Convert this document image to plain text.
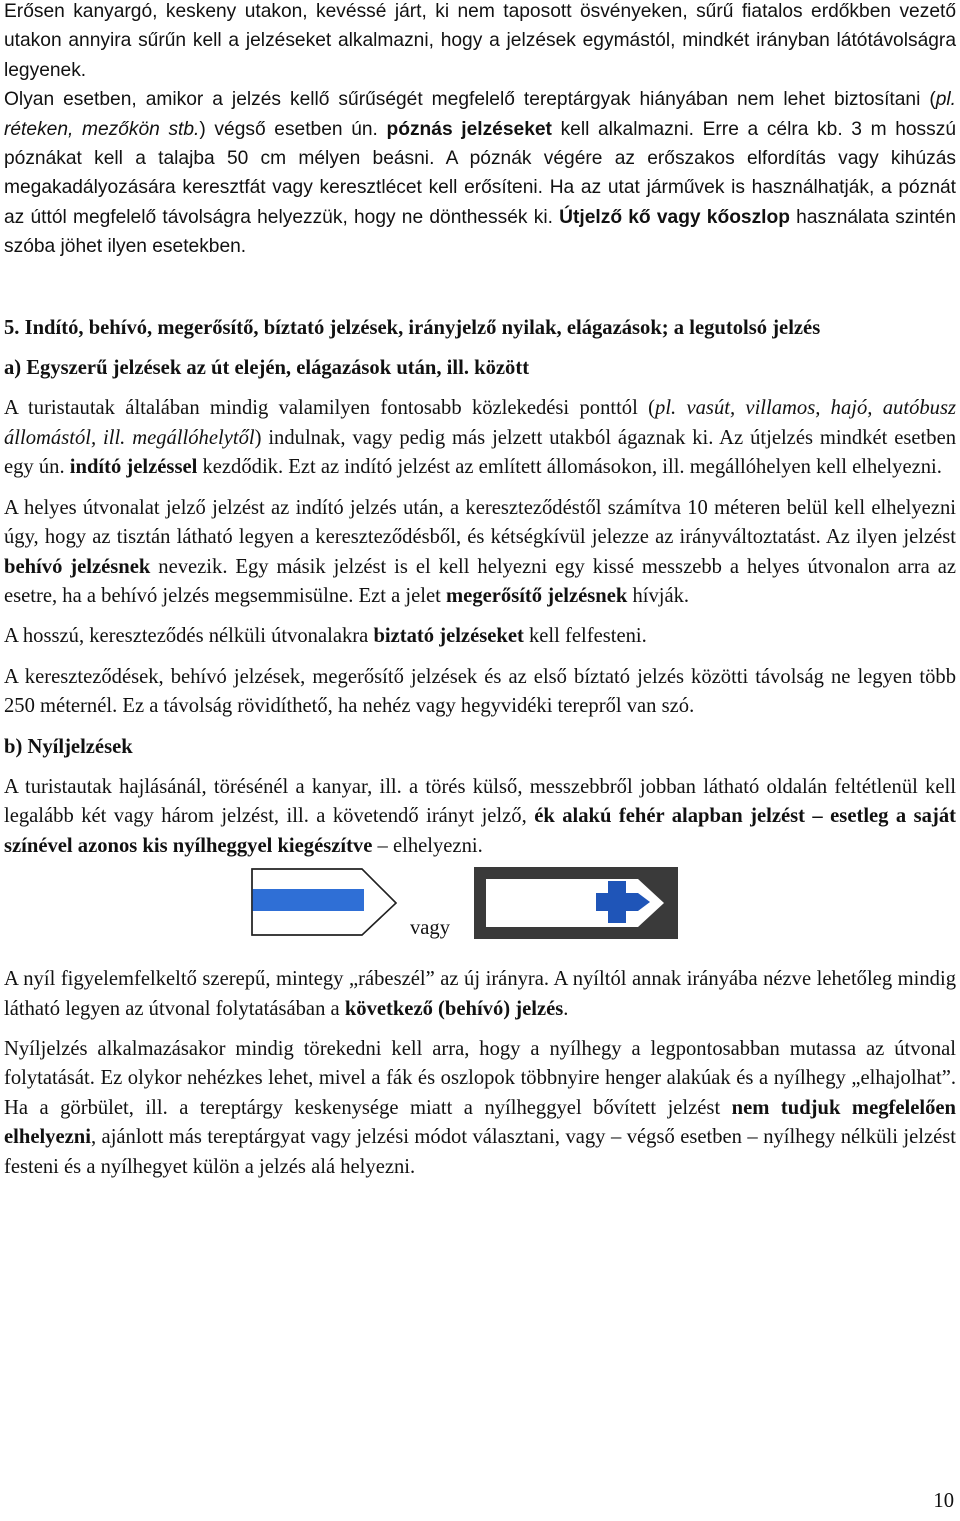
Erősen kanyargó, keskeny utakon, kevéssé járt, ki nem taposott ösvényeken, sűrű fiatalos erdőkben vezető utakon annyira sűrűn kell a jelzéseket alkalmazni, hogy a jelzések egymástól, mindkét irányban látótávolságra legyenek.

Olyan esetben, amikor a jelzés kellő sűrűségét megfelelő tereptárgyak hiányában nem lehet biztosítani (pl. réteken, mezőkön stb.) végső esetben ún. póznás jelzéseket kell alkalmazni. Erre a célra kb. 3 m hosszú póznákat kell a talajba 50 cm mélyen beásni. A póznák végére az erőszakos elfordítás vagy kihúzás megakadályozására keresztfát vagy keresztlécet kell erősíteni. Ha az utat járművek is használhatják, a póznát az úttól megfelelő távolságra helyezzük, hogy ne dönthessék ki. Útjelző kő vagy kőoszlop használata szintén szóba jöhet ilyen esetekben.

5. Indító, behívó, megerősítő, bíztató jelzések, irányjelző nyilak, elágazások; a legutolsó jelzés

a) Egyszerű jelzések az út elején, elágazások után, ill. között

A turistautak általában mindig valamilyen fontosabb közlekedési ponttól (pl. vasút, villamos, hajó, autóbusz állomástól, ill. megállóhelytől) indulnak, vagy pedig más jelzett utakból ágaznak ki. Az útjelzés mindkét esetben egy ún. indító jelzéssel kezdődik. Ezt az indító jelzést az említett állomásokon, ill. megállóhelyen kell elhelyezni.

A helyes útvonalat jelző jelzést az indító jelzés után, a kereszteződéstől számítva 10 méteren belül kell elhelyezni úgy, hogy az tisztán látható legyen a kereszteződésből, és kétségkívül jelezze az irányváltoztatást. Az ilyen jelzést behívó jelzésnek nevezik. Egy másik jelzést is el kell helyezni egy kissé messzebb a helyes útvonalon arra az esetre, ha a behívó jelzés megsemmisülne. Ezt a jelet megerősítő jelzésnek hívják.

A hosszú, kereszteződés nélküli útvonalakra biztató jelzéseket kell felfesteni.

A kereszteződések, behívó jelzések, megerősítő jelzések és az első bíztató jelzés közötti távolság ne legyen több 250 méternél. Ez a távolság rövidíthető, ha nehéz vagy hegyvidéki terepről van szó.

b) Nyíljelzések

A turistautak hajlásánál, törésénél a kanyar, ill. a törés külső, messzebbről jobban látható oldalán feltétlenül kell legalább két vagy három jelzést, ill. a követendő irányt jelző, ék alakú fehér alapban jelzést – esetleg a saját színével azonos kis nyílheggyel kiegészítve – elhelyezni.

vagy

A nyíl figyelemfelkeltő szerepű, mintegy „rábeszél” az új irányra. A nyíltól annak irányába nézve lehetőleg mindig látható legyen az útvonal folytatásában a következő (behívó) jelzés.

Nyíljelzés alkalmazásakor mindig törekedni kell arra, hogy a nyílhegy a legpontosabban mutassa az útvonal folytatását. Ez olykor nehézkes lehet, mivel a fák és oszlopok többnyire henger alakúak és a nyílhegy „elhajolhat”. Ha a görbület, ill. a tereptárgy keskenysége miatt a nyílheggyel bővített jelzést nem tudjuk megfelelően elhelyezni, ajánlott más tereptárgyat vagy jelzési módot választani, vagy – végső esetben – nyílhegy nélküli jelzést festeni és a nyílhegyet külön a jelzés alá helyezni.

10
